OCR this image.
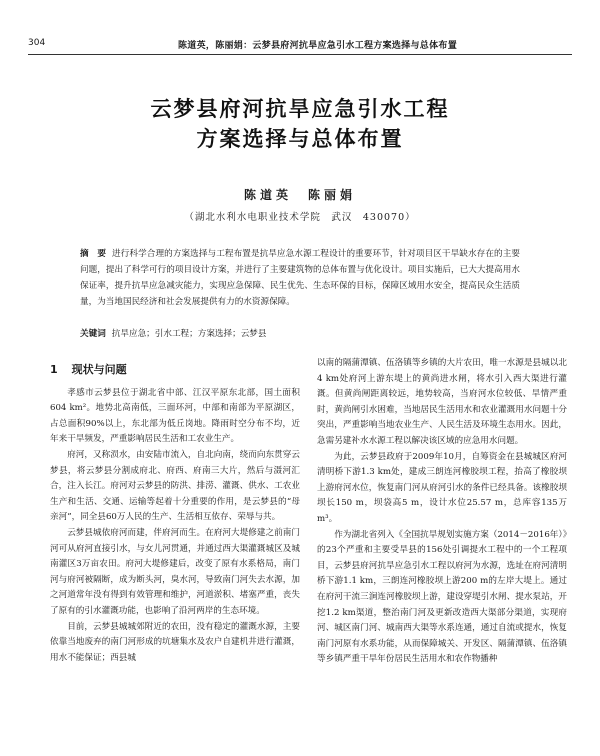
304	陈道英，陈丽娟：云梦县府河抗旱应急引水工程方案选择与总体布置
云梦县府河抗旱应急引水工程
方案选择与总体布置
陈道英　陈丽娟
（湖北水利水电职业技术学院　武汉　430070）
摘　要 进行科学合理的方案选择与工程布置是抗旱应急水源工程设计的重要环节，针对项目区干旱缺水存在的主要问题，提出了科学可行的项目设计方案，并进行了主要建筑物的总体布置与优化设计。项目实施后，已大大提高用水保证率，提升抗旱应急减灾能力，实现应急保障、民生优先、生态环保的目标，保障区域用水安全，提高民众生活质量，为当地国民经济和社会发展提供有力的水资源保障。
关键词 抗旱应急；引水工程；方案选择；云梦县
1 现状与问题

孝感市云梦县位于湖北省中部、江汉平原东北部，国土面积604 km²。地势北高南低，三面环河，中部和南部为平原湖区，占总面积90%以上，东北部为低丘岗地。降雨时空分布不均，近年来干旱频发，严重影响居民生活和工农业生产。

府河，又称涢水，由安陆市流入，自北向南，绕而向东贯穿云梦县，将云梦县分割成府北、府西、府南三大片，然后与滠河汇合，注入长江。府河对云梦县的防洪、排涝、灌溉、供水、工农业生产和生活、交通、运输等起着十分重要的作用，是云梦县的“母亲河”，同全县60万人民的生产、生活相互依存、荣辱与共。

云梦县城依府河而建，伴府河而生。在府河大堤修建之前南门河可从府河直接引水，与女儿河贯通，并通过西大渠灌溉城区及城南灌区3万亩农田。府河大堤修建后，改变了原有水系格局，南门河与府河被隔断，成为断头河，臭水河，导致南门河失去水源，加之河道常年没有得到有效管理和维护，河道淤积、堵塞严重，丧失了原有的引水灌溉功能，也影响了沿河两岸的生态环境。

目前，云梦县城城郊附近的农田，没有稳定的灌溉水源，主要依靠当地废弃的南门河形成的坑塘集水及农户自建机井进行灌溉，用水不能保证；西县城

以南的隔蒲潭镇、伍洛镇等乡镇的大片农田，唯一水源是县城以北4 km处府河上游东堤上的黄尚进水闸，将水引入西大渠进行灌溉。但黄尚闸距离较远，地势较高，当府河水位较低、旱情严重时，黄尚闸引水困难，当地居民生活用水和农业灌溉用水问题十分突出，严重影响当地农业生产、人民生活及环境生态用水。因此，急需另建补水水源工程以解决该区域的应急用水问题。

为此，云梦县政府于2009年10月，自筹资金在县城城区府河清明桥下游1.3 km处，建成三朗连河橡胶坝工程，抬高了橡胶坝上游府河水位，恢复南门河从府河引水的条件已经具备。该橡胶坝坝长150 m，坝袋高5 m，设计水位25.57 m，总库容135万m³。

作为湖北省列入《全国抗旱规划实施方案（2014－2016年）》的23个严重和主要受旱县的156处引调提水工程中的一个工程项目，云梦县府河抗旱应急引水工程以府河为水源，选址在府河清明桥下游1.1 km，三朗连河橡胶坝上游200 m的左岸大堤上。通过在府河干流三涧连河橡胶坝上游，建设穿堤引水闸、提水泵站，开挖1.2 km渠道，整治南门河及更新改造西大渠部分渠道，实现府河、城区南门河、城南西大渠等水系连通，通过自流或提水，恢复南门河原有水系功能，从而保障城关、开发区、隔蒲潭镇、伍洛镇等乡镇严重干旱年份居民生活用水和农作物播种
